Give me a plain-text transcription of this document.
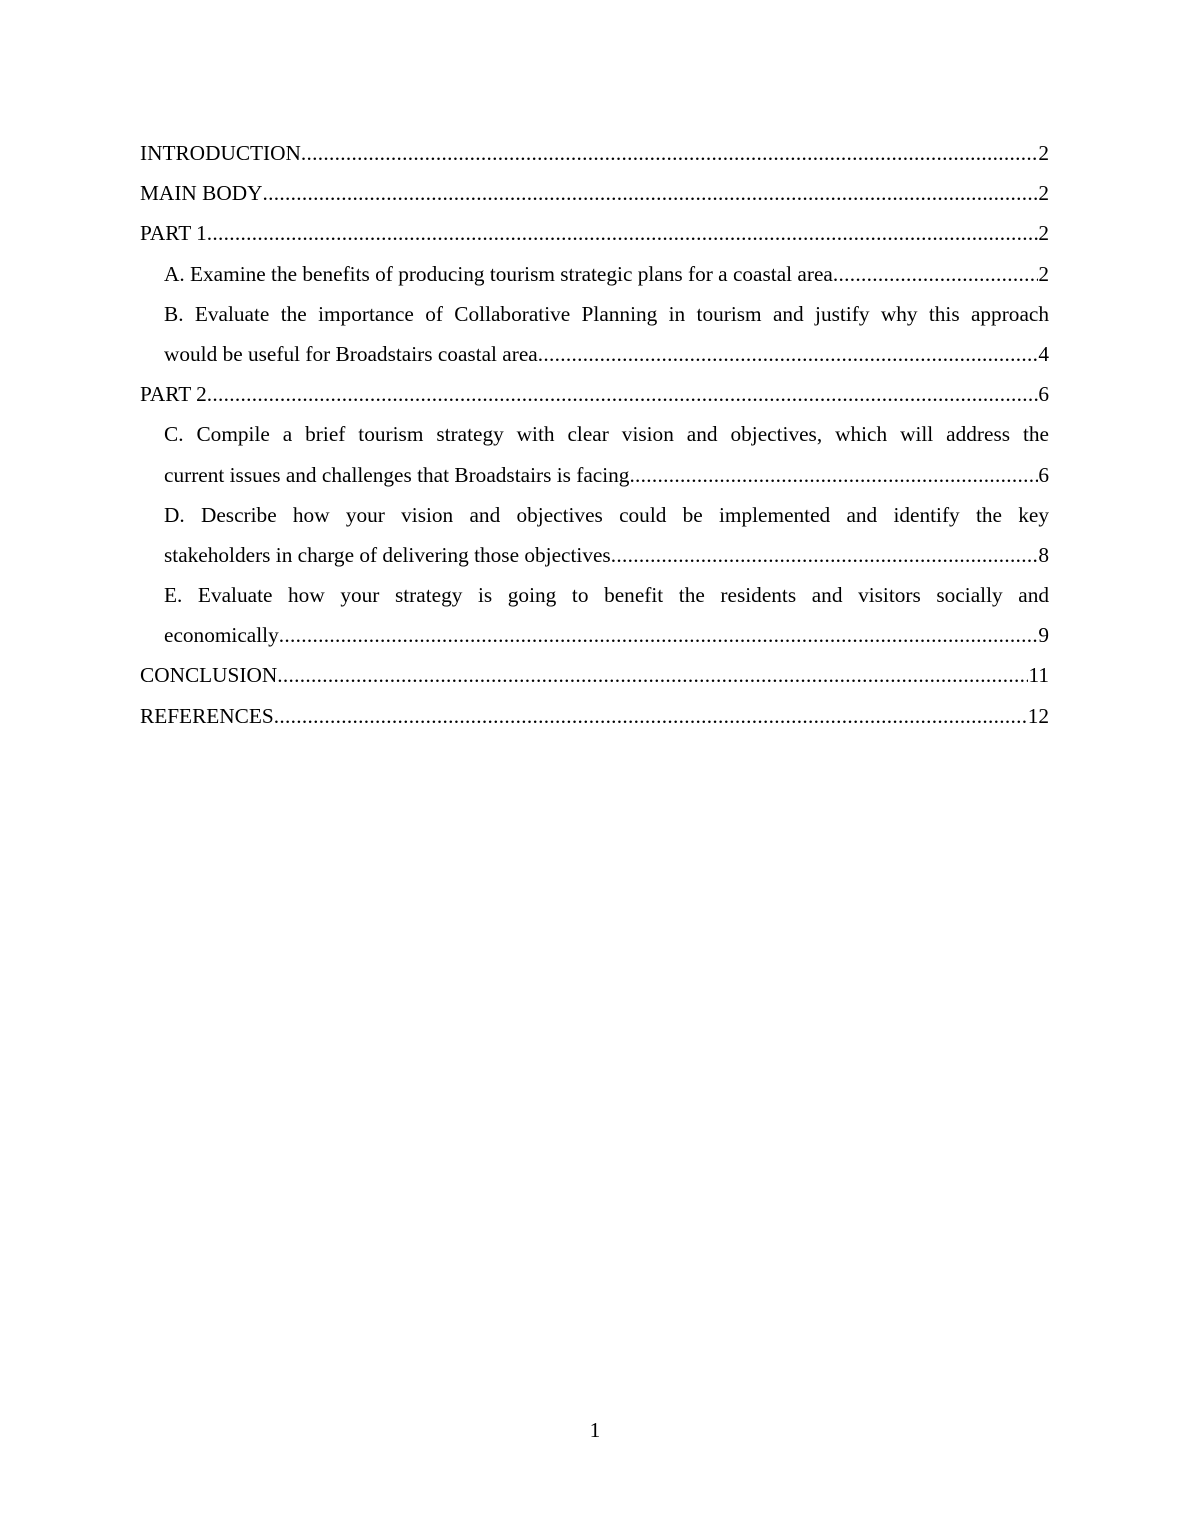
INTRODUCTION .....	2
MAIN BODY .....	2
PART 1 .....	2
A. Examine the benefits of producing tourism strategic plans for a coastal area .....	2
B. Evaluate the importance of Collaborative Planning in tourism and justify why this approach
would be useful for Broadstairs coastal area .....	4
PART 2 .....	6
C. Compile a brief tourism strategy with clear vision and objectives, which will address the
current issues and challenges that Broadstairs is facing .....	6
D. Describe how your vision and objectives could be implemented and identify the key
stakeholders in charge of delivering those objectives .....	8
E. Evaluate how your strategy is going to benefit the residents and visitors socially and
economically .....	9
CONCLUSION .....	11
REFERENCES .....	12
1
